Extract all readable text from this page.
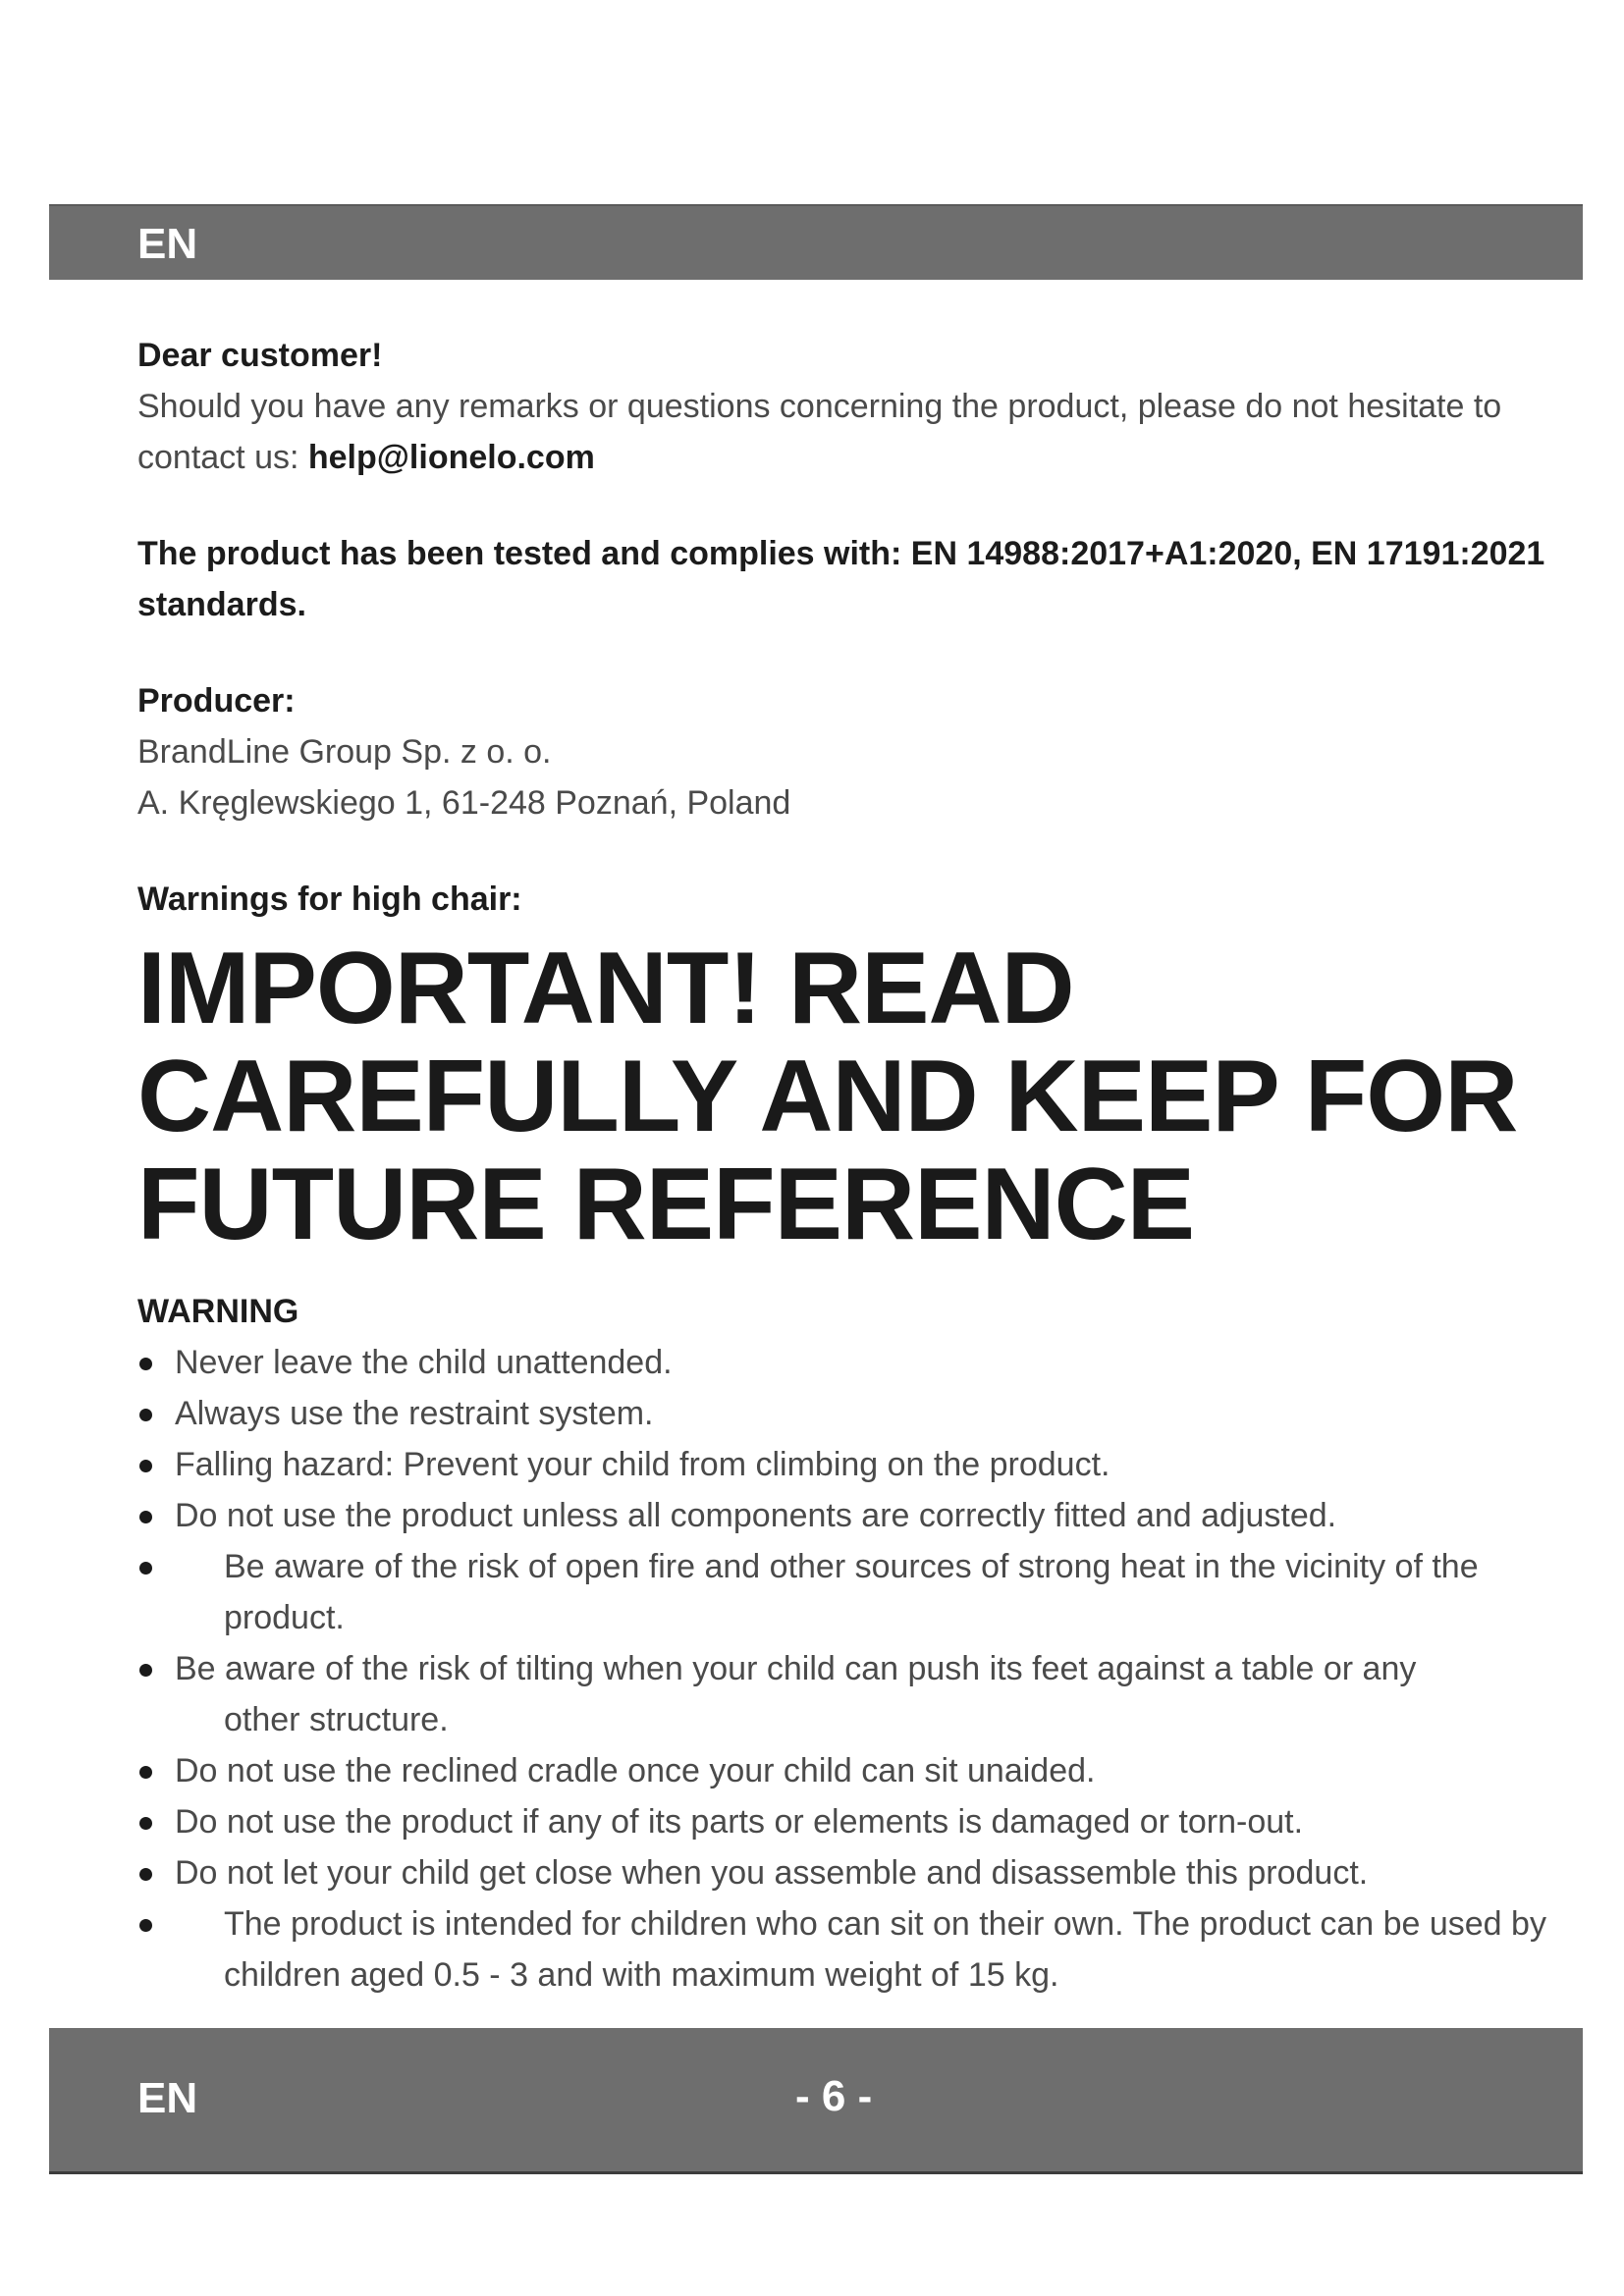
EN

Dear customer!

Should you have any remarks or questions concerning the product, please do not hesitate to contact us: help@lionelo.com

The product has been tested and complies with: EN 14988:2017+A1:2020, EN 17191:2021 standards.

Producer:

BrandLine Group Sp. z o. o.

A. Kręglewskiego 1, 61-248 Poznań, Poland

Warnings for high chair:

IMPORTANT! READ CAREFULLY AND KEEP FOR FUTURE REFERENCE
WARNING
Never leave the child unattended.
Always use the restraint system.
Falling hazard: Prevent your child from climbing on the product.
Do not use the product unless all components are correctly fitted and adjusted.
Be aware of the risk of open fire and other sources of strong heat in the vicinity of the product.
Be aware of the risk of tilting when your child can push its feet against a table or any
other structure.
Do not use the reclined cradle once your child can sit unaided.
Do not use the product if any of its parts or elements is damaged or torn-out.
Do not let your child get close when you assemble and disassemble this product.
The product is intended for children who can sit on their own. The product can be used by children aged 0.5 - 3 and with maximum weight of 15 kg.
EN	- 6 -
